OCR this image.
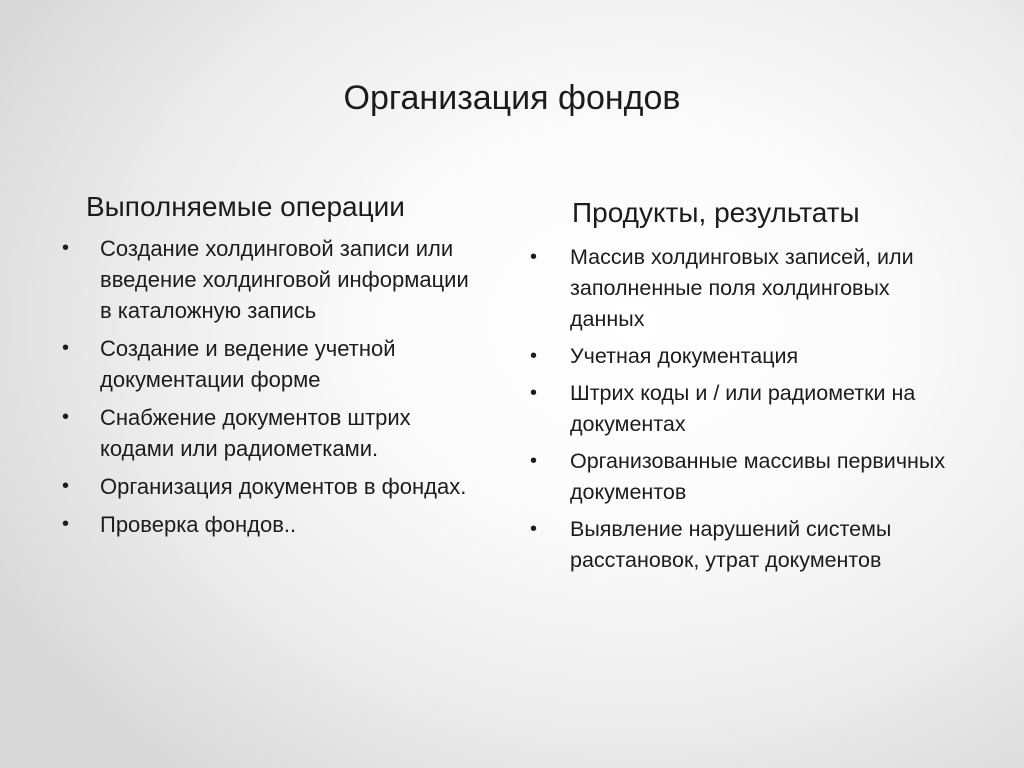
Организация фондов
Выполняемые операции
•	Создание холдинговой записи или введение холдинговой информации в каталожную запись
•	Создание и ведение учетной документации форме
•	Снабжение документов штрих кодами или радиометками.
•	Организация документов в фондах.
•	Проверка фондов..
Продукты, результаты
•	Массив холдинговых записей, или заполненные поля холдинговых данных
•	Учетная документация
•	Штрих коды и / или радиометки на документах
•	Организованные массивы первичных документов
•	Выявление нарушений системы расстановок, утрат документов
